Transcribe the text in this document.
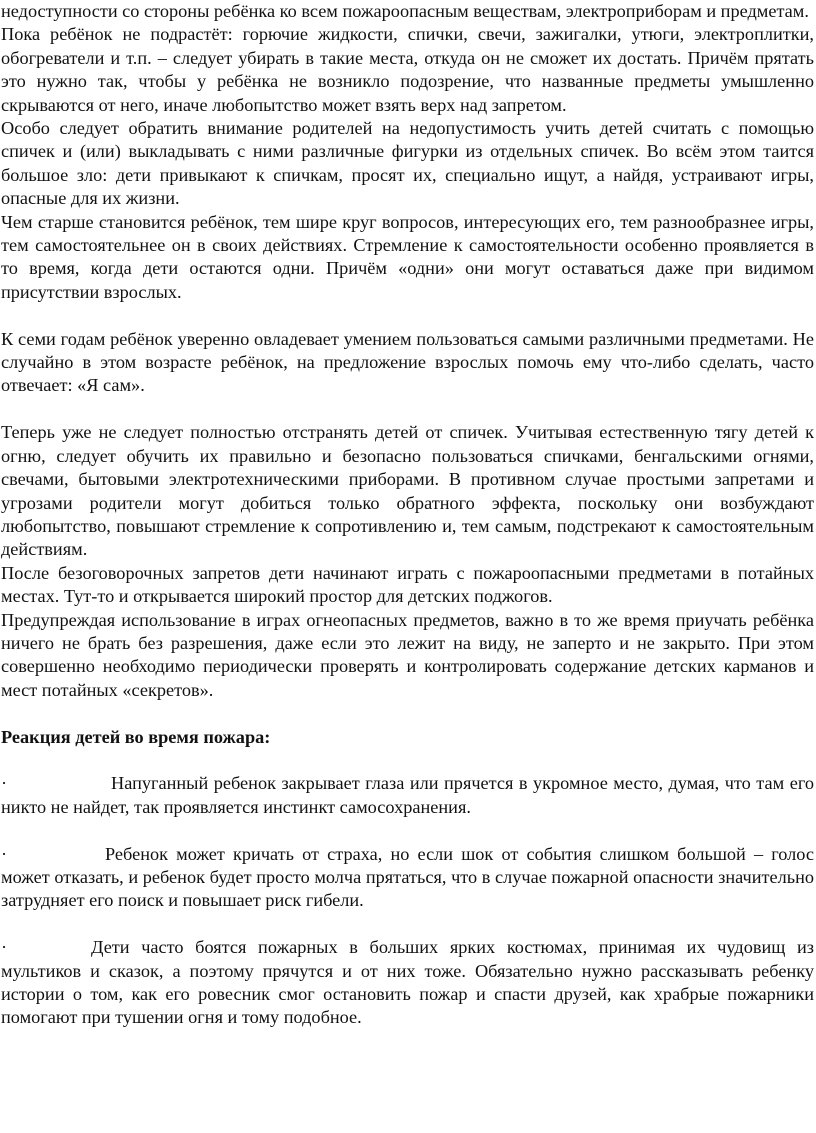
недоступности со стороны ребёнка ко всем пожароопасным веществам, электроприборам и предметам.

Пока ребёнок не подрастёт: горючие жидкости, спички, свечи, зажигалки, утюги, электроплитки, обогреватели и т.п. – следует убирать в такие места, откуда он не сможет их достать. Причём прятать это нужно так, чтобы у ребёнка не возникло подозрение, что названные предметы умышленно скрываются от него, иначе любопытство может взять верх над запретом.

Особо следует обратить внимание родителей на недопустимость учить детей считать с помощью спичек и (или) выкладывать с ними различные фигурки из отдельных спичек. Во всём этом таится большое зло: дети привыкают к спичкам, просят их, специально ищут, а найдя, устраивают игры, опасные для их жизни.

Чем старше становится ребёнок, тем шире круг вопросов, интересующих его, тем разнообразнее игры, тем самостоятельнее он в своих действиях. Стремление к самостоятельности особенно проявляется в то время, когда дети остаются одни. Причём «одни» они могут оставаться даже при видимом присутствии взрослых.

К семи годам ребёнок уверенно овладевает умением пользоваться самыми различными предметами. Не случайно в этом возрасте ребёнок, на предложение взрослых помочь ему что-либо сделать, часто отвечает: «Я сам».

Теперь уже не следует полностью отстранять детей от спичек. Учитывая естественную тягу детей к огню, следует обучить их правильно и безопасно пользоваться спичками, бенгальскими огнями, свечами, бытовыми электротехническими приборами. В противном случае простыми запретами и угрозами родители могут добиться только обратного эффекта, поскольку они возбуждают любопытство, повышают стремление к сопротивлению и, тем самым, подстрекают к самостоятельным действиям.

После безоговорочных запретов дети начинают играть с пожароопасными предметами в потайных местах. Тут-то и открывается широкий простор для детских поджогов.

Предупреждая использование в играх огнеопасных предметов, важно в то же время приучать ребёнка ничего не брать без разрешения, даже если это лежит на виду, не заперто и не закрыто. При этом совершенно необходимо периодически проверять и контролировать содержание детских карманов и мест потайных «секретов».

Реакция детей во время пожара:

·	Напуганный ребенок закрывает глаза или прячется в укромное место, думая, что там его никто не найдет, так проявляется инстинкт самосохранения.

·	Ребенок может кричать от страха, но если шок от события слишком большой – голос может отказать, и ребенок будет просто молча прятаться, что в случае пожарной опасности значительно затрудняет его поиск и повышает риск гибели.

·	Дети часто боятся пожарных в больших ярких костюмах, принимая их чудовищ из мультиков и сказок, а поэтому прячутся и от них тоже. Обязательно нужно рассказывать ребенку истории о том, как его ровесник смог остановить пожар и спасти друзей, как храбрые пожарники помогают при тушении огня и тому подобное.
